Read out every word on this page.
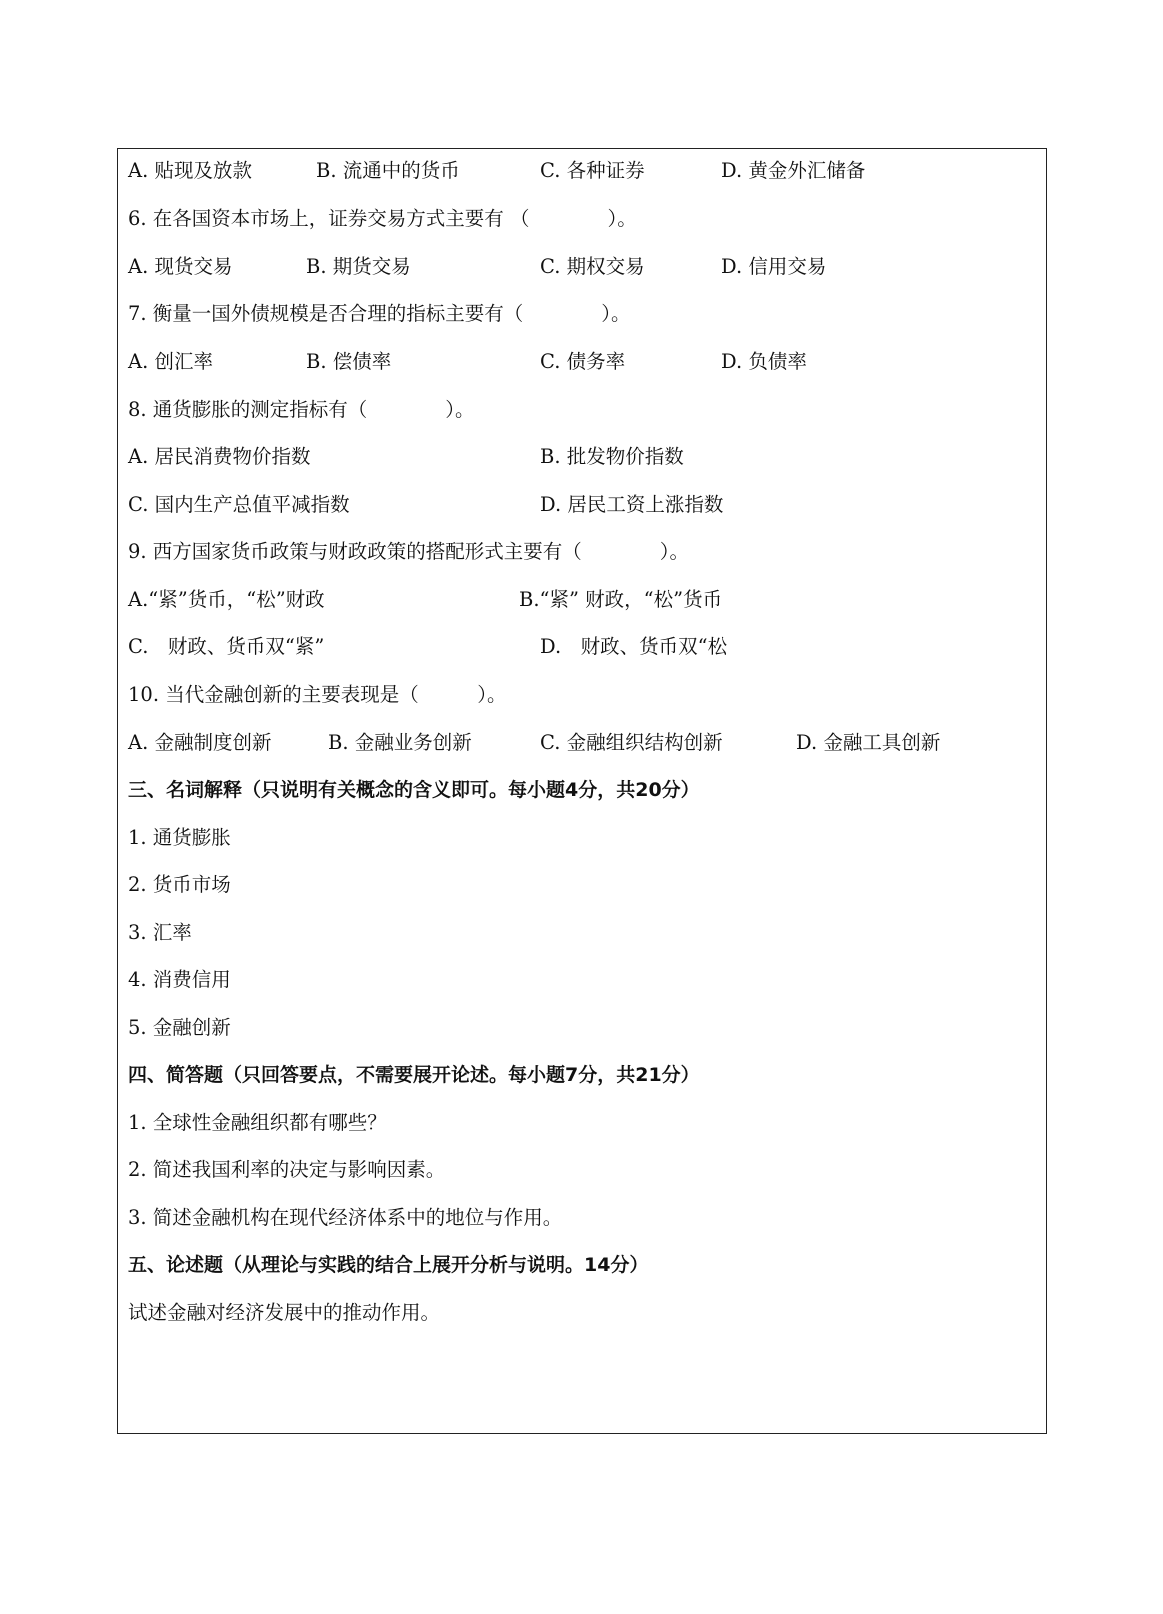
A. 贴现及放款	B. 流通中的货币	C. 各种证券	D. 黄金外汇储备
6. 在各国资本市场上，证券交易方式主要有 （　　　　）。
A. 现货交易	B. 期货交易	C. 期权交易	D. 信用交易
7. 衡量一国外债规模是否合理的指标主要有（　　　　）。
A. 创汇率	B. 偿债率	C. 债务率	D. 负债率
8. 通货膨胀的测定指标有（　　　　）。
A. 居民消费物价指数	B. 批发物价指数
C. 国内生产总值平减指数	D. 居民工资上涨指数
9. 西方国家货币政策与财政政策的搭配形式主要有（　　　　）。
A.“紧”货币，“松”财政	B.“紧” 财政，“松”货币
C.　财政、货币双“紧”	D.　财政、货币双“松
10. 当代金融创新的主要表现是（　　　）。
A. 金融制度创新	B. 金融业务创新	C. 金融组织结构创新	D. 金融工具创新
三、名词解释（只说明有关概念的含义即可。每小题4分，共20分）
1. 通货膨胀
2. 货币市场
3. 汇率
4. 消费信用
5. 金融创新
四、简答题（只回答要点，不需要展开论述。每小题7分，共21分）
1. 全球性金融组织都有哪些？
2. 简述我国利率的决定与影响因素。
3. 简述金融机构在现代经济体系中的地位与作用。
五、论述题（从理论与实践的结合上展开分析与说明。14分）
试述金融对经济发展中的推动作用。
